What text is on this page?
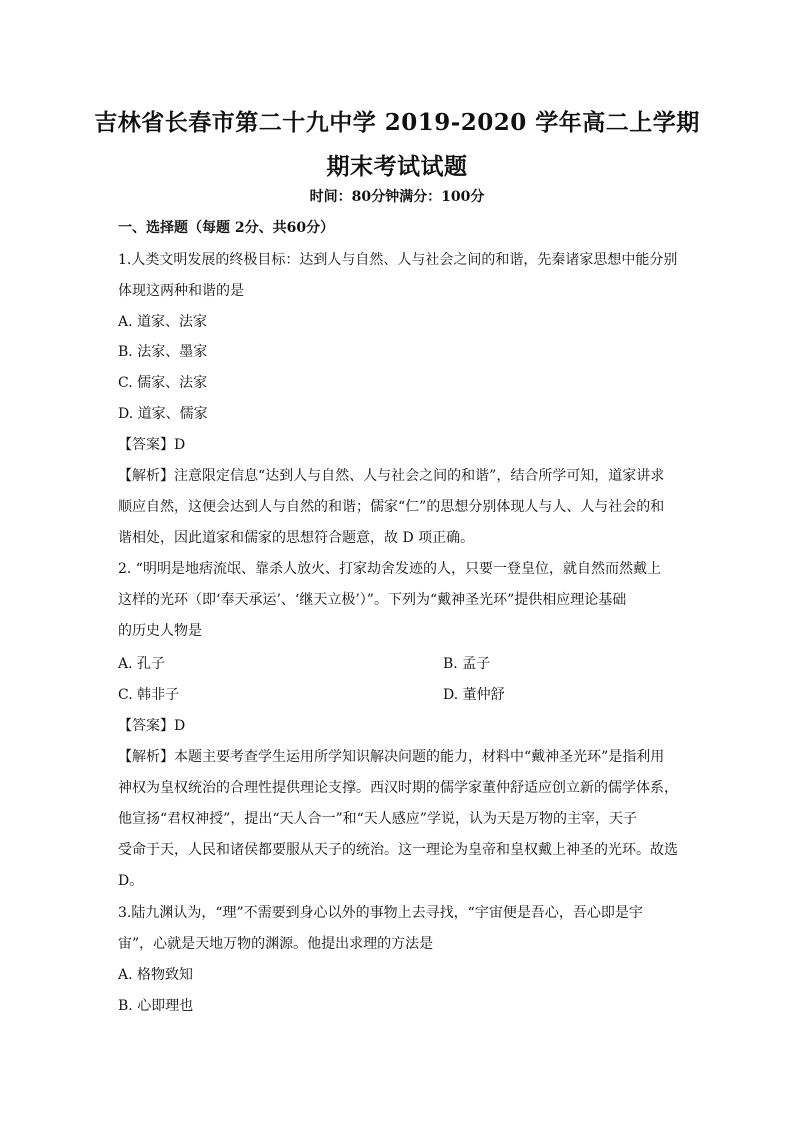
吉林省长春市第二十九中学 2019-2020 学年高二上学期
期末考试试题
时间：80分钟满分：100分
一、选择题（每题 2分、共60分）
1.人类文明发展的终极目标：达到人与自然、人与社会之间的和谐，先秦诸家思想中能分别
体现这两种和谐的是
A. 道家、法家
B. 法家、墨家
C. 儒家、法家
D. 道家、儒家
【答案】D
【解析】注意限定信息“达到人与自然、人与社会之间的和谐”，结合所学可知，道家讲求
顺应自然，这便会达到人与自然的和谐；儒家“仁”的思想分别体现人与人、人与社会的和
谐相处，因此道家和儒家的思想符合题意，故 D 项正确。
2. “明明是地痞流氓、靠杀人放火、打家劫舍发迹的人，只要一登皇位，就自然而然戴上
这样的光环（即‘奉天承运’、‘继天立极’）”。下列为“戴神圣光环”提供相应理论基础
的历史人物是
A. 孔子	B. 孟子
C. 韩非子	D. 董仲舒
【答案】D
【解析】本题主要考查学生运用所学知识解决问题的能力，材料中“戴神圣光环”是指利用
神权为皇权统治的合理性提供理论支撑。西汉时期的儒学家董仲舒适应创立新的儒学体系，
他宣扬“君权神授”，提出“天人合一”和“天人感应”学说，认为天是万物的主宰，天子
受命于天，人民和诸侯都要服从天子的统治。这一理论为皇帝和皇权戴上神圣的光环。故选
D。
3.陆九渊认为，“理”不需要到身心以外的事物上去寻找，“宇宙便是吾心，吾心即是宇
宙”，心就是天地万物的渊源。他提出求理的方法是
A. 格物致知
B. 心即理也
